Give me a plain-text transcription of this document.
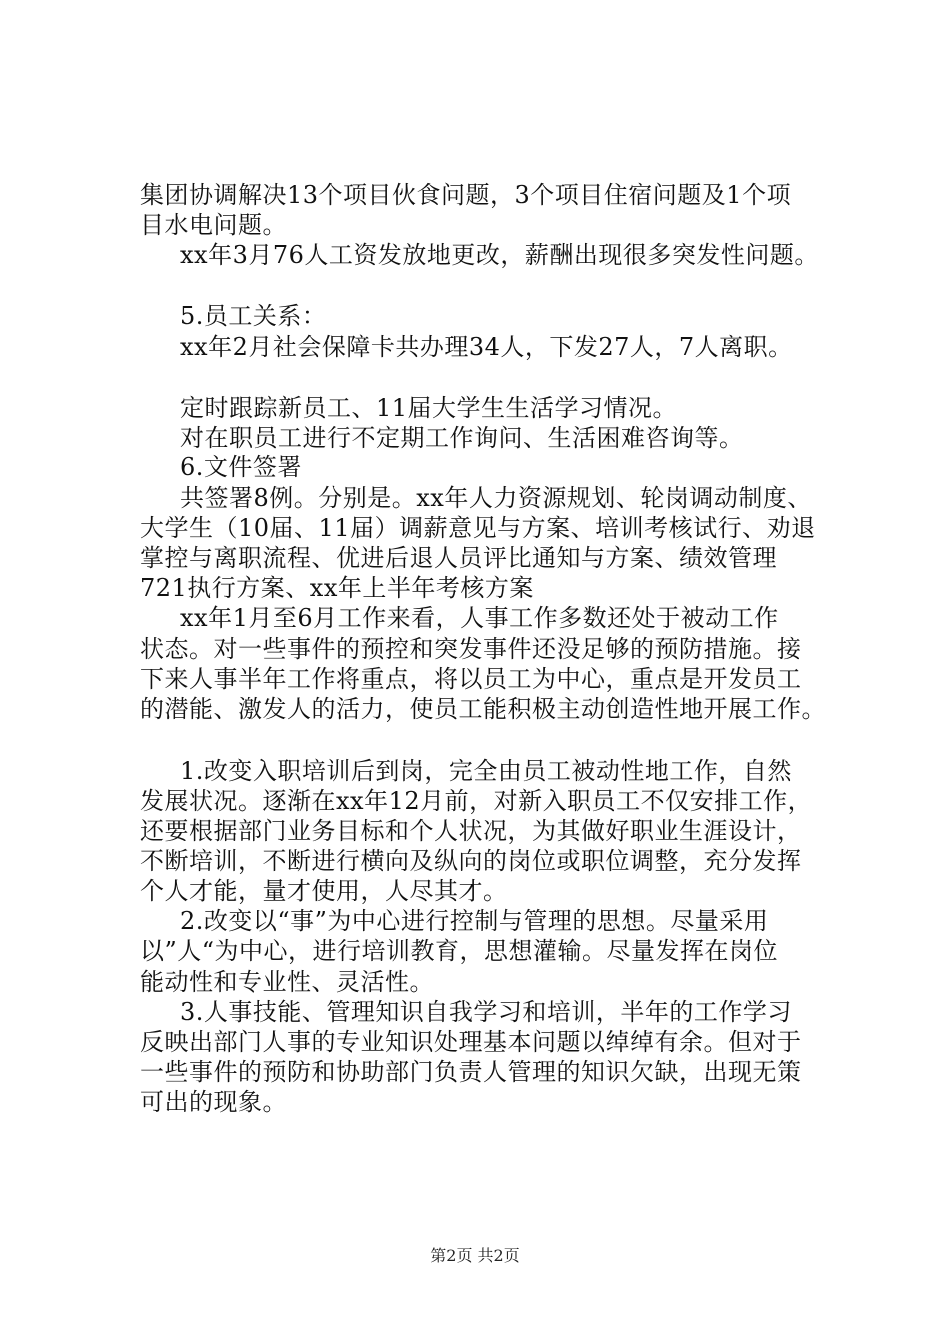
集团协调解决13个项目伙食问题，3个项目住宿问题及1个项
目水电问题。
xx年3月76人工资发放地更改，薪酬出现很多突发性问题。
5.员工关系：
xx年2月社会保障卡共办理34人，下发27人，7人离职。
定时跟踪新员工、11届大学生生活学习情况。
对在职员工进行不定期工作询问、生活困难咨询等。
6.文件签署
共签署8例。分别是。xx年人力资源规划、轮岗调动制度、
大学生（10届、11届）调薪意见与方案、培训考核试行、劝退
掌控与离职流程、优进后退人员评比通知与方案、绩效管理
721执行方案、xx年上半年考核方案
xx年1月至6月工作来看，人事工作多数还处于被动工作
状态。对一些事件的预控和突发事件还没足够的预防措施。接
下来人事半年工作将重点，将以员工为中心，重点是开发员工
的潜能、激发人的活力，使员工能积极主动创造性地开展工作。
1.改变入职培训后到岗，完全由员工被动性地工作，自然
发展状况。逐渐在xx年12月前，对新入职员工不仅安排工作，
还要根据部门业务目标和个人状况，为其做好职业生涯设计，
不断培训，不断进行横向及纵向的岗位或职位调整，充分发挥
个人才能，量才使用，人尽其才。
2.改变以“事”为中心进行控制与管理的思想。尽量采用
以”人“为中心，进行培训教育，思想灌输。尽量发挥在岗位
能动性和专业性、灵活性。
3.人事技能、管理知识自我学习和培训，半年的工作学习
反映出部门人事的专业知识处理基本问题以绰绰有余。但对于
一些事件的预防和协助部门负责人管理的知识欠缺，出现无策
可出的现象。
第2页 共2页
